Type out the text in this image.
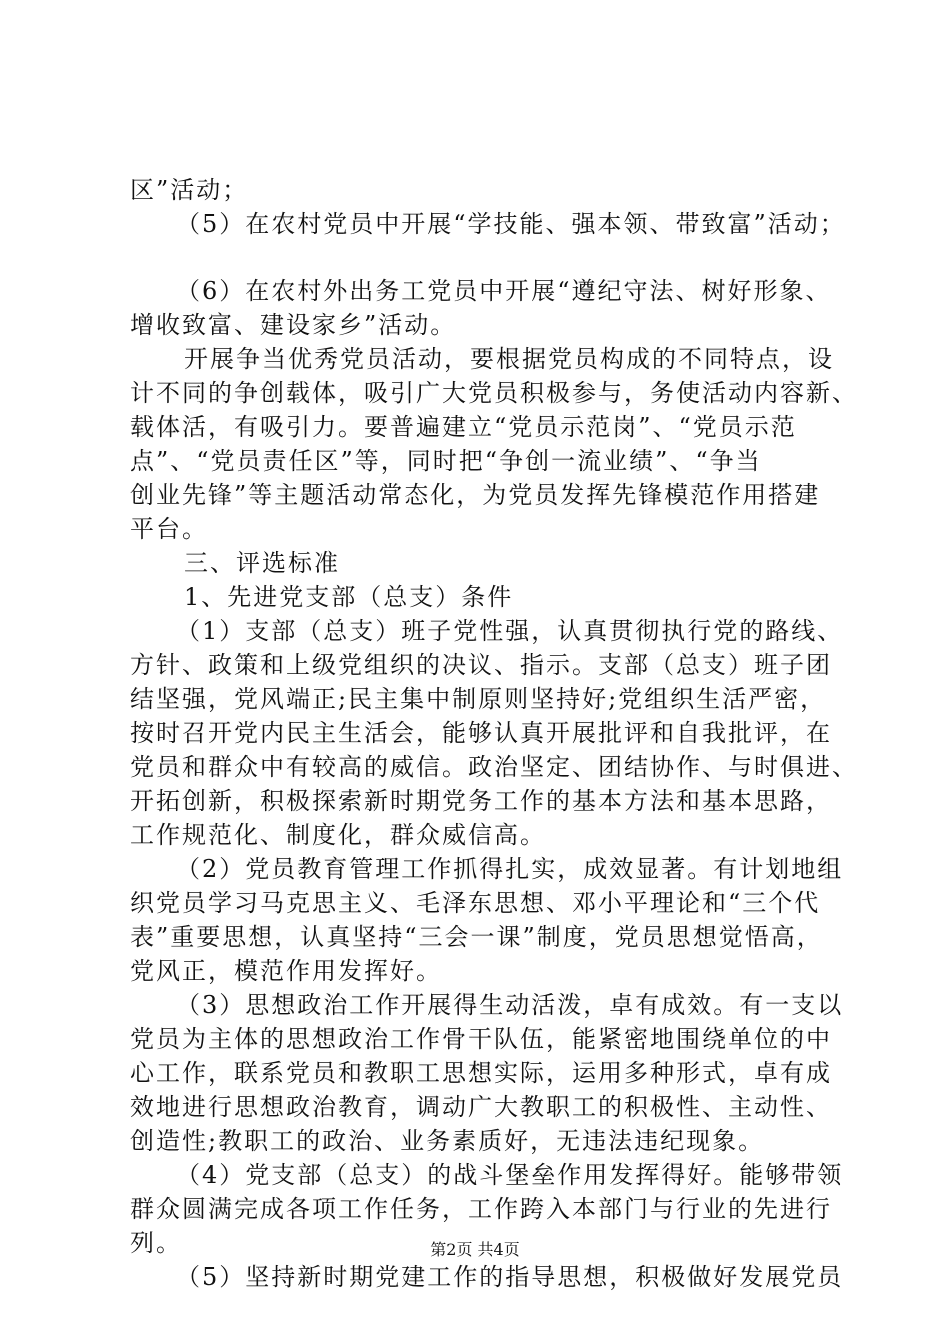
区”活动；
（5）在农村党员中开展“学技能、强本领、带致富”活动；
（6）在农村外出务工党员中开展“遵纪守法、树好形象、
增收致富、建设家乡”活动。
开展争当优秀党员活动，要根据党员构成的不同特点，设
计不同的争创载体，吸引广大党员积极参与，务使活动内容新、
载体活，有吸引力。要普遍建立“党员示范岗”、“党员示范
点”、“党员责任区”等，同时把“争创一流业绩”、“争当
创业先锋”等主题活动常态化，为党员发挥先锋模范作用搭建
平台。
三、评选标准
1、先进党支部（总支）条件
（1）支部（总支）班子党性强，认真贯彻执行党的路线、
方针、政策和上级党组织的决议、指示。支部（总支）班子团
结坚强，党风端正;民主集中制原则坚持好;党组织生活严密，
按时召开党内民主生活会，能够认真开展批评和自我批评，在
党员和群众中有较高的威信。政治坚定、团结协作、与时俱进、
开拓创新，积极探索新时期党务工作的基本方法和基本思路，
工作规范化、制度化，群众威信高。
（2）党员教育管理工作抓得扎实，成效显著。有计划地组
织党员学习马克思主义、毛泽东思想、邓小平理论和“三个代
表”重要思想，认真坚持“三会一课”制度，党员思想觉悟高，
党风正，模范作用发挥好。
（3）思想政治工作开展得生动活泼，卓有成效。有一支以
党员为主体的思想政治工作骨干队伍，能紧密地围绕单位的中
心工作，联系党员和教职工思想实际，运用多种形式，卓有成
效地进行思想政治教育，调动广大教职工的积极性、主动性、
创造性;教职工的政治、业务素质好，无违法违纪现象。
（4）党支部（总支）的战斗堡垒作用发挥得好。能够带领
群众圆满完成各项工作任务，工作跨入本部门与行业的先进行
列。
（5）坚持新时期党建工作的指导思想，积极做好发展党员
第2页 共4页
